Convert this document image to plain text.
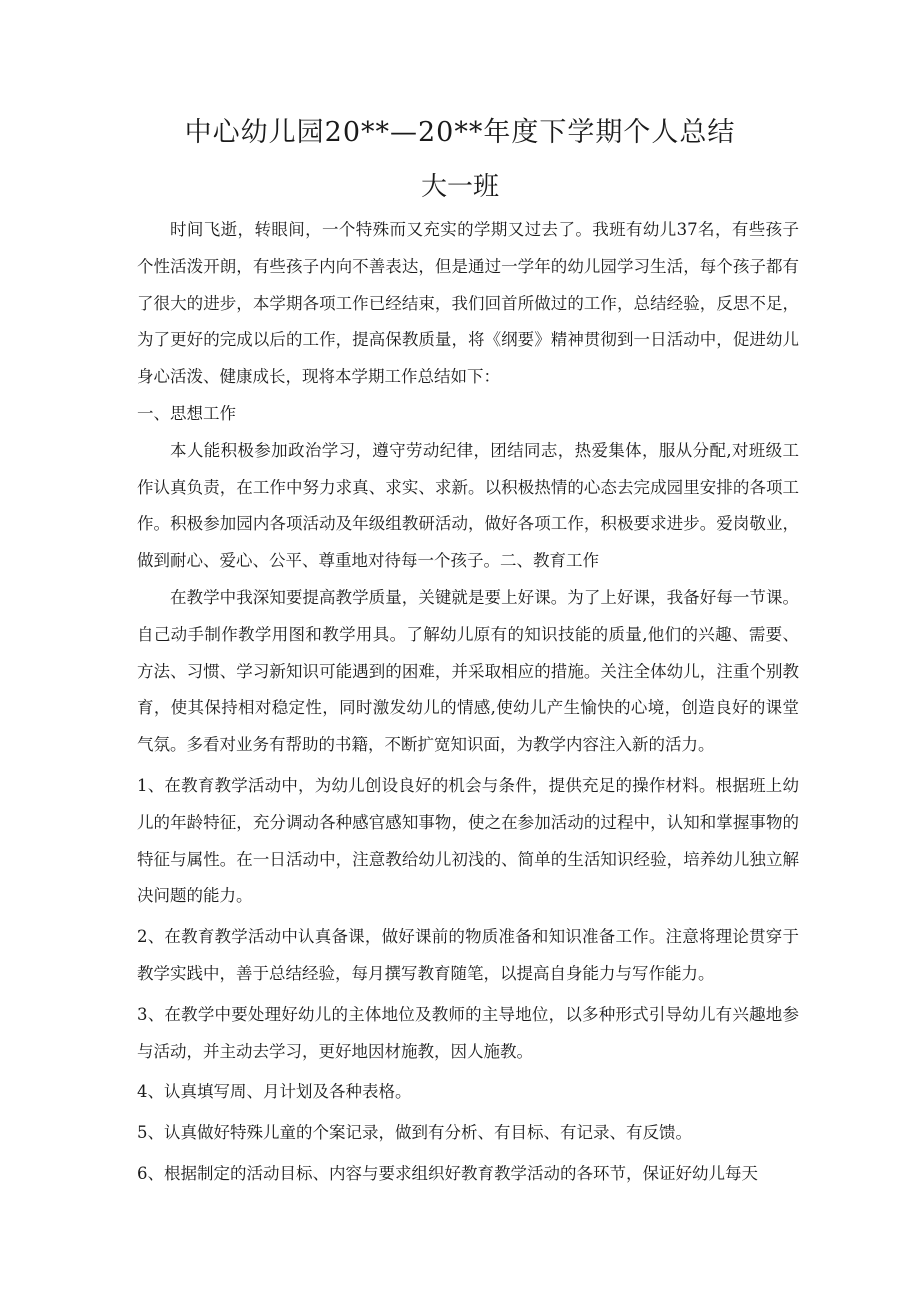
中心幼儿园20**—20**年度下学期个人总结
大一班

时间飞逝，转眼间，一个特殊而又充实的学期又过去了。我班有幼儿37名，有些孩子个性活泼开朗，有些孩子内向不善表达，但是通过一学年的幼儿园学习生活，每个孩子都有了很大的进步，本学期各项工作已经结束，我们回首所做过的工作，总结经验，反思不足，为了更好的完成以后的工作，提高保教质量，将《纲要》精神贯彻到一日活动中，促进幼儿身心活泼、健康成长，现将本学期工作总结如下：

一、思想工作

本人能积极参加政治学习，遵守劳动纪律，团结同志，热爱集体，服从分配,对班级工作认真负责，在工作中努力求真、求实、求新。以积极热情的心态去完成园里安排的各项工作。积极参加园内各项活动及年级组教研活动，做好各项工作，积极要求进步。爱岗敬业，做到耐心、爱心、公平、尊重地对待每一个孩子。二、教育工作

在教学中我深知要提高教学质量，关键就是要上好课。为了上好课，我备好每一节课。自己动手制作教学用图和教学用具。了解幼儿原有的知识技能的质量,他们的兴趣、需要、方法、习惯、学习新知识可能遇到的困难，并采取相应的措施。关注全体幼儿，注重个别教育，使其保持相对稳定性，同时激发幼儿的情感,使幼儿产生愉快的心境，创造良好的课堂气氛。多看对业务有帮助的书籍，不断扩宽知识面，为教学内容注入新的活力。

1、在教育教学活动中，为幼儿创设良好的机会与条件，提供充足的操作材料。根据班上幼儿的年龄特征，充分调动各种感官感知事物，使之在参加活动的过程中，认知和掌握事物的特征与属性。在一日活动中，注意教给幼儿初浅的、简单的生活知识经验，培养幼儿独立解决问题的能力。

2、在教育教学活动中认真备课，做好课前的物质准备和知识准备工作。注意将理论贯穿于教学实践中，善于总结经验，每月撰写教育随笔，以提高自身能力与写作能力。

3、在教学中要处理好幼儿的主体地位及教师的主导地位，以多种形式引导幼儿有兴趣地参与活动，并主动去学习，更好地因材施教，因人施教。

4、认真填写周、月计划及各种表格。

5、认真做好特殊儿童的个案记录，做到有分析、有目标、有记录、有反馈。

6、根据制定的活动目标、内容与要求组织好教育教学活动的各环节，保证好幼儿每天
